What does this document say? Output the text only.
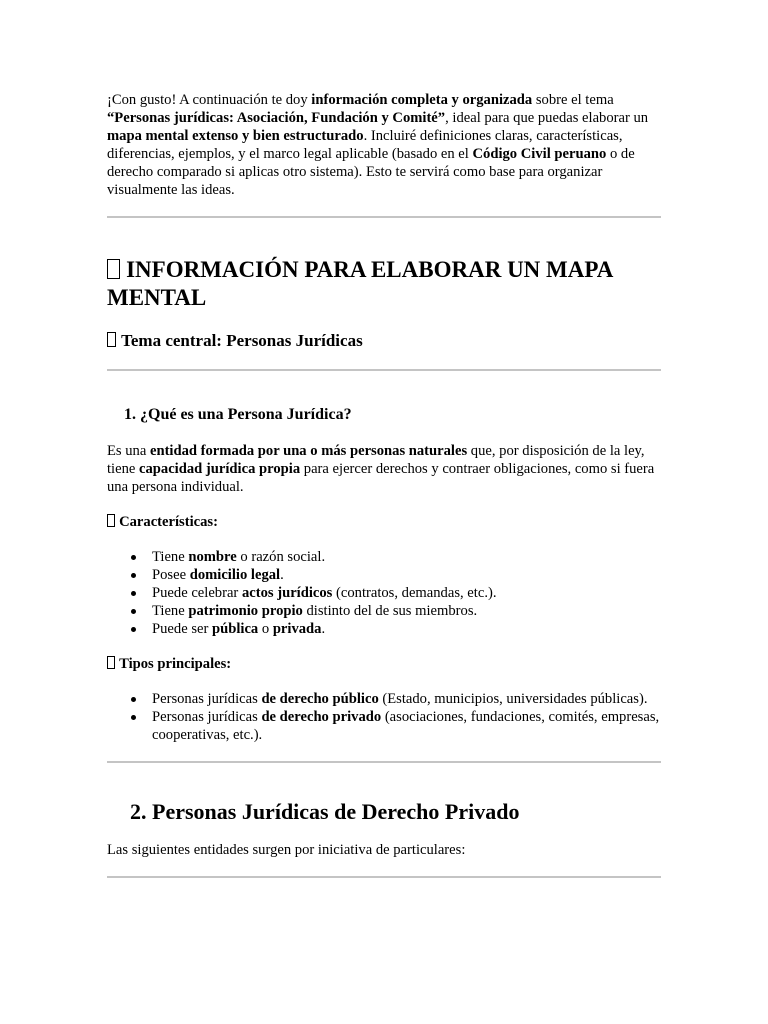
¡Con gusto! A continuación te doy información completa y organizada sobre el tema “Personas jurídicas: Asociación, Fundación y Comité”, ideal para que puedas elaborar un mapa mental extenso y bien estructurado. Incluiré definiciones claras, características, diferencias, ejemplos, y el marco legal aplicable (basado en el Código Civil peruano o de derecho comparado si aplicas otro sistema). Esto te servirá como base para organizar visualmente las ideas.

INFORMACIÓN PARA ELABORAR UN MAPA MENTAL
Tema central: Personas Jurídicas
1. ¿Qué es una Persona Jurídica?

Es una entidad formada por una o más personas naturales que, por disposición de la ley, tiene capacidad jurídica propia para ejercer derechos y contraer obligaciones, como si fuera una persona individual.

Características:

Tiene nombre o razón social.
Posee domicilio legal.
Puede celebrar actos jurídicos (contratos, demandas, etc.).
Tiene patrimonio propio distinto del de sus miembros.
Puede ser pública o privada.

Tipos principales:

Personas jurídicas de derecho público (Estado, municipios, universidades públicas).
Personas jurídicas de derecho privado (asociaciones, fundaciones, comités, empresas, cooperativas, etc.).
2. Personas Jurídicas de Derecho Privado

Las siguientes entidades surgen por iniciativa de particulares:
